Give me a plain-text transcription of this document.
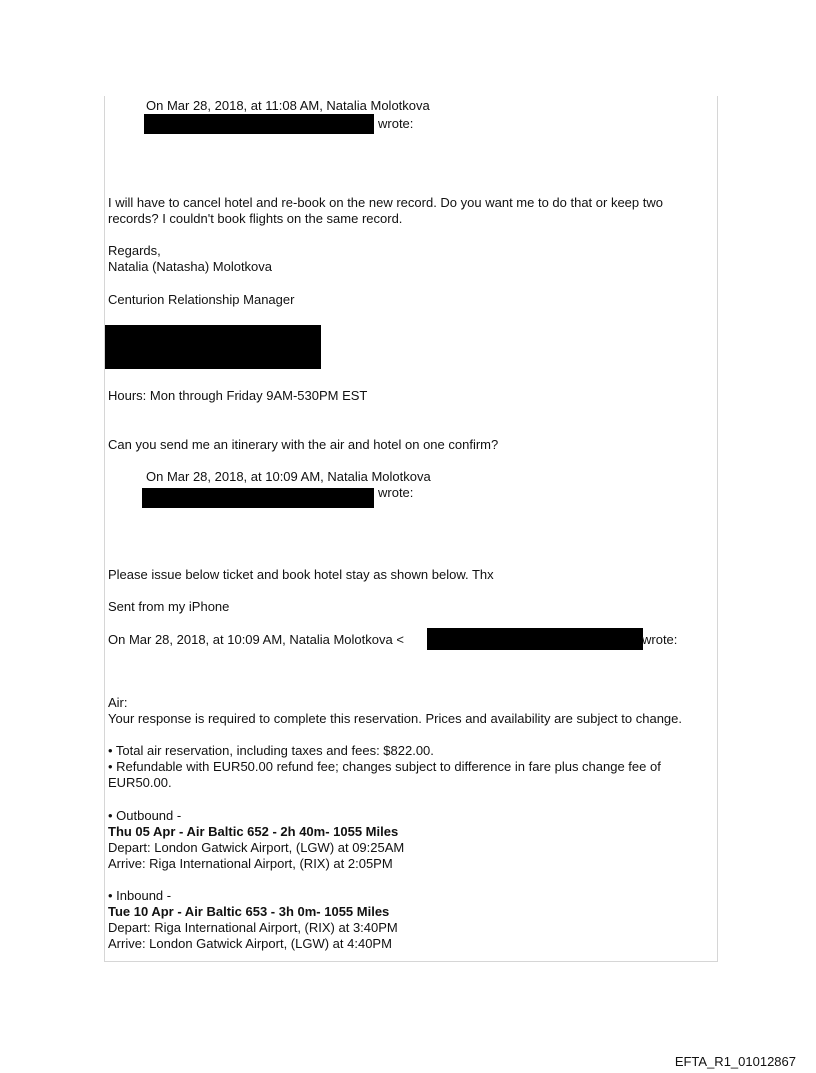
On Mar 28, 2018, at 11:08 AM, Natalia Molotkova
wrote:
I will have to cancel hotel and re-book on the new record. Do you want me to do that or keep two records? I couldn't book flights on the same record.
Regards,
Natalia (Natasha) Molotkova
Centurion Relationship Manager
Hours: Mon through Friday 9AM-530PM EST
Can you send me an itinerary with the air and hotel on one confirm?
On Mar 28, 2018, at 10:09 AM, Natalia Molotkova
wrote:
Please issue below ticket and book hotel stay as shown below. Thx
Sent from my iPhone
On Mar 28, 2018, at 10:09 AM, Natalia Molotkova <	wrote:
Air:
Your response is required to complete this reservation. Prices and availability are subject to change.
• Total air reservation, including taxes and fees: $822.00.
• Refundable with EUR50.00 refund fee; changes subject to difference in fare plus change fee of EUR50.00.
• Outbound -
Thu 05 Apr - Air Baltic 652 - 2h 40m- 1055 Miles
Depart: London Gatwick Airport, (LGW) at 09:25AM
Arrive: Riga International Airport, (RIX) at 2:05PM
• Inbound -
Tue 10 Apr - Air Baltic 653 - 3h 0m- 1055 Miles
Depart: Riga International Airport, (RIX) at 3:40PM
Arrive: London Gatwick Airport, (LGW) at 4:40PM
EFTA_R1_01012867
